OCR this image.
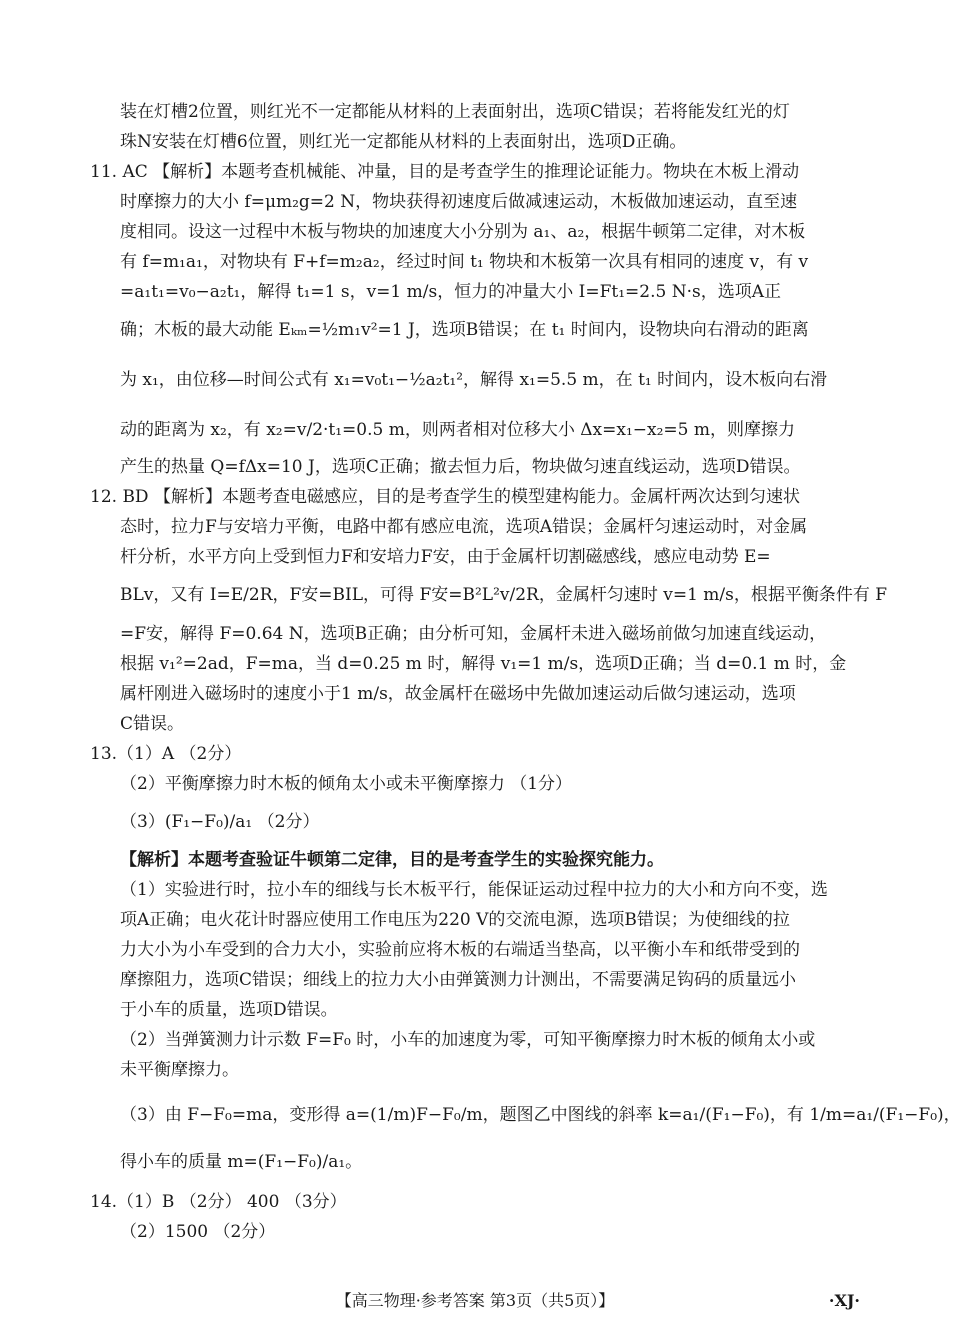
装在灯槽2位置，则红光不一定都能从材料的上表面射出，选项C错误；若将能发红光的灯
珠N安装在灯槽6位置，则红光一定都能从材料的上表面射出，选项D正确。
11. AC 【解析】本题考查机械能、冲量，目的是考查学生的推理论证能力。物块在木板上滑动
时摩擦力的大小 f=μm₂g=2 N，物块获得初速度后做减速运动，木板做加速运动，直至速
度相同。设这一过程中木板与物块的加速度大小分别为 a₁、a₂，根据牛顿第二定律，对木板
有 f=m₁a₁，对物块有 F+f=m₂a₂，经过时间 t₁ 物块和木板第一次具有相同的速度 v，有 v
=a₁t₁=v₀−a₂t₁，解得 t₁=1 s，v=1 m/s，恒力的冲量大小 I=Ft₁=2.5 N·s，选项A正
确；木板的最大动能 Eₖₘ=½m₁v²=1 J，选项B错误；在 t₁ 时间内，设物块向右滑动的距离
为 x₁，由位移—时间公式有 x₁=v₀t₁−½a₂t₁²，解得 x₁=5.5 m，在 t₁ 时间内，设木板向右滑
动的距离为 x₂，有 x₂=v/2·t₁=0.5 m，则两者相对位移大小 Δx=x₁−x₂=5 m，则摩擦力
产生的热量 Q=fΔx=10 J，选项C正确；撤去恒力后，物块做匀速直线运动，选项D错误。
12. BD 【解析】本题考查电磁感应，目的是考查学生的模型建构能力。金属杆两次达到匀速状
态时，拉力F与安培力平衡，电路中都有感应电流，选项A错误；金属杆匀速运动时，对金属
杆分析，水平方向上受到恒力F和安培力F安，由于金属杆切割磁感线，感应电动势 E=
BLv，又有 I=E/2R，F安=BIL，可得 F安=B²L²v/2R，金属杆匀速时 v=1 m/s，根据平衡条件有 F
=F安，解得 F=0.64 N，选项B正确；由分析可知，金属杆未进入磁场前做匀加速直线运动，
根据 v₁²=2ad，F=ma，当 d=0.25 m 时，解得 v₁=1 m/s，选项D正确；当 d=0.1 m 时，金
属杆刚进入磁场时的速度小于1 m/s，故金属杆在磁场中先做加速运动后做匀速运动，选项
C错误。
13.（1）A （2分）
（2）平衡摩擦力时木板的倾角太小或未平衡摩擦力 （1分）
（3）(F₁−F₀)/a₁ （2分）
【解析】本题考查验证牛顿第二定律，目的是考查学生的实验探究能力。
（1）实验进行时，拉小车的细线与长木板平行，能保证运动过程中拉力的大小和方向不变，选
项A正确；电火花计时器应使用工作电压为220 V的交流电源，选项B错误；为使细线的拉
力大小为小车受到的合力大小，实验前应将木板的右端适当垫高，以平衡小车和纸带受到的
摩擦阻力，选项C错误；细线上的拉力大小由弹簧测力计测出，不需要满足钩码的质量远小
于小车的质量，选项D错误。
（2）当弹簧测力计示数 F=F₀ 时，小车的加速度为零，可知平衡摩擦力时木板的倾角太小或
未平衡摩擦力。
（3）由 F−F₀=ma，变形得 a=(1/m)F−F₀/m，题图乙中图线的斜率 k=a₁/(F₁−F₀)，有 1/m=a₁/(F₁−F₀)，
得小车的质量 m=(F₁−F₀)/a₁。
14.（1）B （2分） 400 （3分）
（2）1500 （2分）
【高三物理·参考答案 第3页（共5页）】	·XJ·
